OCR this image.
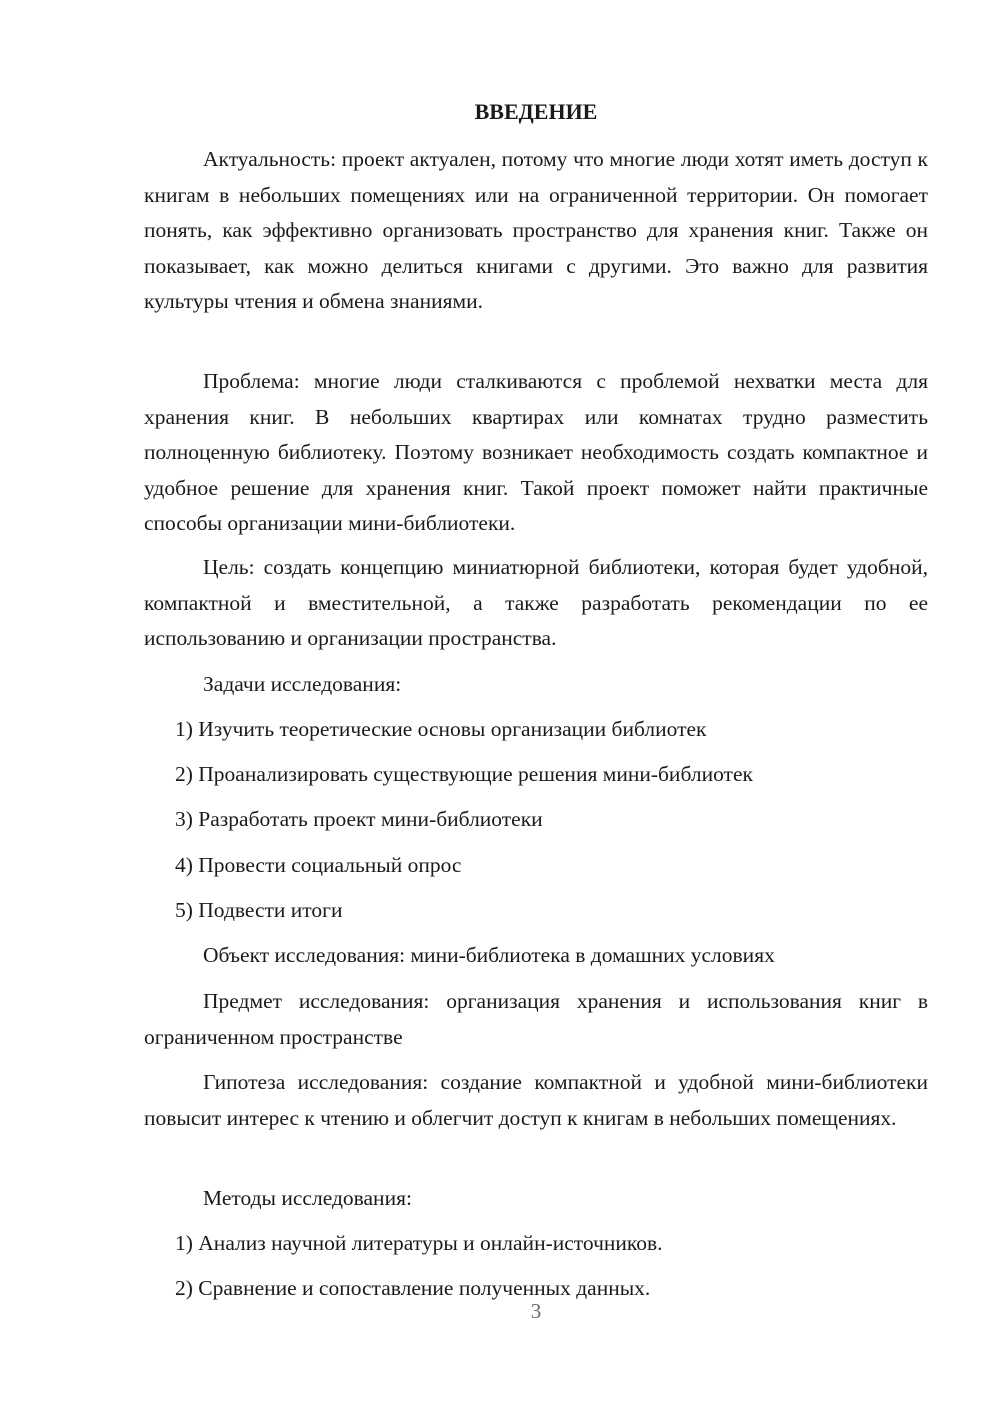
ВВЕДЕНИЕ

Актуальность: проект актуален, потому что многие люди хотят иметь доступ к книгам в небольших помещениях или на ограниченной территории. Он помогает понять, как эффективно организовать пространство для хранения книг. Также он показывает, как можно делиться книгами с другими. Это важно для развития культуры чтения и обмена знаниями.

Проблема: многие люди сталкиваются с проблемой нехватки места для хранения книг. В небольших квартирах или комнатах трудно разместить полноценную библиотеку. Поэтому возникает необходимость создать компактное и удобное решение для хранения книг. Такой проект поможет найти практичные способы организации мини-библиотеки.

Цель: создать концепцию миниатюрной библиотеки, которая будет удобной, компактной и вместительной, а также разработать рекомендации по ее использованию и организации пространства.

Задачи исследования:

1) Изучить теоретические основы организации библиотек

2) Проанализировать существующие решения мини-библиотек

3) Разработать проект мини-библиотеки

4) Провести социальный опрос

5) Подвести итоги

Объект исследования: мини-библиотека в домашних условиях

Предмет исследования: организация хранения и использования книг в ограниченном пространстве

Гипотеза исследования: создание компактной и удобной мини-библиотеки повысит интерес к чтению и облегчит доступ к книгам в небольших помещениях.

Методы исследования:

1) Анализ научной литературы и онлайн-источников.

2) Сравнение и сопоставление полученных данных.

3
